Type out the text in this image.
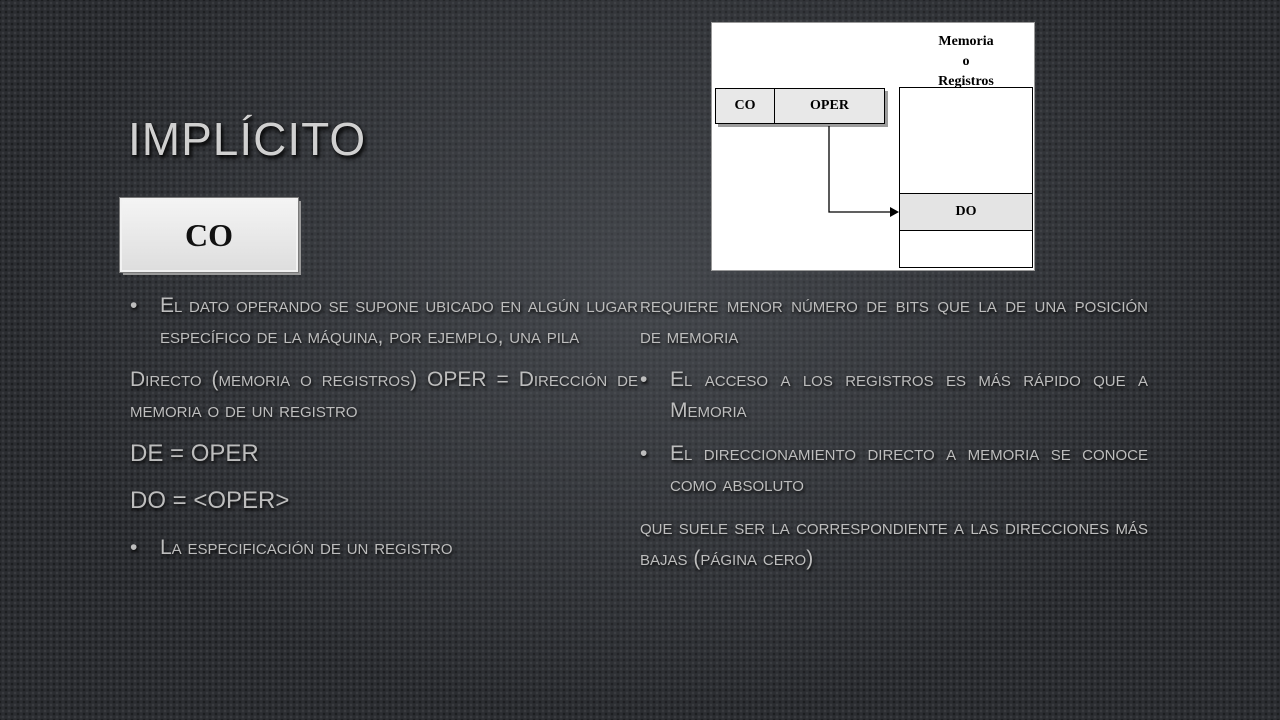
IMPLÍCITO
CO
Memoria
o
Registros
DO
CO	OPER

• El dato operando se supone ubicado en algún lugar específico de la máquina, por ejemplo, una pila

Directo (memoria o registros) OPER = Dirección de memoria o de un registro

DE = OPER

DO = <OPER>

• La especificación de un registro

requiere menor número de bits que la de una posición de memoria

• El acceso a los registros es más rápido que a Memoria

• El direccionamiento directo a memoria se conoce como absoluto

que suele ser la correspondiente a las direcciones más bajas (página cero)
